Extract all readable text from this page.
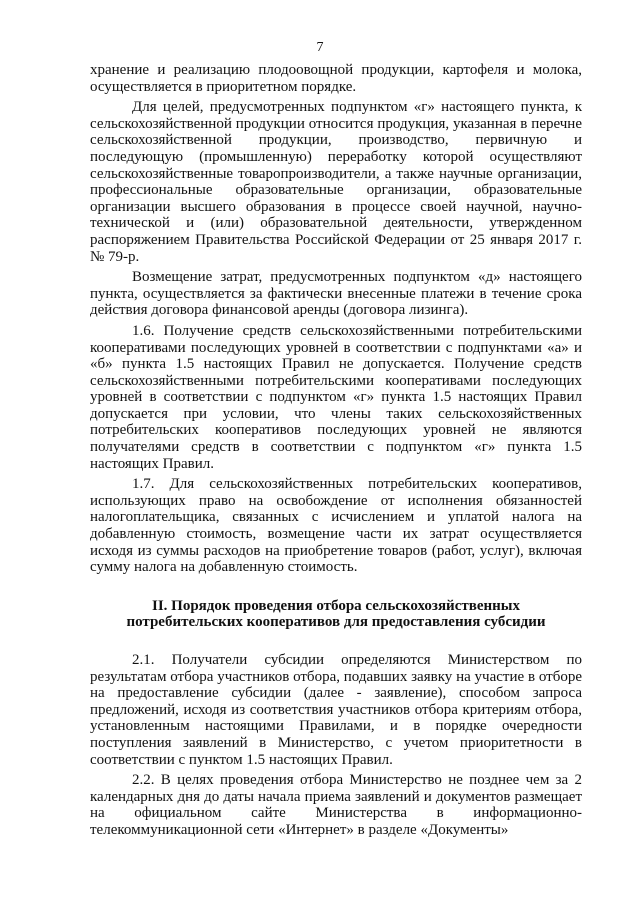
7

хранение и реализацию плодоовощной продукции, картофеля и молока, осуществляется в приоритетном порядке.

Для целей, предусмотренных подпунктом «г» настоящего пункта, к сельскохозяйственной продукции относится продукция, указанная в перечне сельскохозяйственной продукции, производство, первичную и последующую (промышленную) переработку которой осуществляют сельскохозяйственные товаропроизводители, а также научные организации, профессиональные образовательные организации, образовательные организации высшего образования в процессе своей научной, научно-технической и (или) образовательной деятельности, утвержденном распоряжением Правительства Российской Федерации от 25 января 2017 г. № 79-р.

Возмещение затрат, предусмотренных подпунктом «д» настоящего пункта, осуществляется за фактически внесенные платежи в течение срока действия договора финансовой аренды (договора лизинга).

1.6. Получение средств сельскохозяйственными потребительскими кооперативами последующих уровней в соответствии с подпунктами «а» и «б» пункта 1.5 настоящих Правил не допускается. Получение средств сельскохозяйственными потребительскими кооперативами последующих уровней в соответствии с подпунктом «г» пункта 1.5 настоящих Правил допускается при условии, что члены таких сельскохозяйственных потребительских кооперативов последующих уровней не являются получателями средств в соответствии с подпунктом «г» пункта 1.5 настоящих Правил.

1.7. Для сельскохозяйственных потребительских кооперативов, использующих право на освобождение от исполнения обязанностей налогоплательщика, связанных с исчислением и уплатой налога на добавленную стоимость, возмещение части их затрат осуществляется исходя из суммы расходов на приобретение товаров (работ, услуг), включая сумму налога на добавленную стоимость.

II. Порядок проведения отбора сельскохозяйственных потребительских кооперативов для предоставления субсидии

2.1. Получатели субсидии определяются Министерством по результатам отбора участников отбора, подавших заявку на участие в отборе на предоставление субсидии (далее - заявление), способом запроса предложений, исходя из соответствия участников отбора критериям отбора, установленным настоящими Правилами, и в порядке очередности поступления заявлений в Министерство, с учетом приоритетности в соответствии с пунктом 1.5 настоящих Правил.

2.2. В целях проведения отбора Министерство не позднее чем за 2 календарных дня до даты начала приема заявлений и документов размещает на официальном сайте Министерства в информационно-телекоммуникационной сети «Интернет» в разделе «Документы»
